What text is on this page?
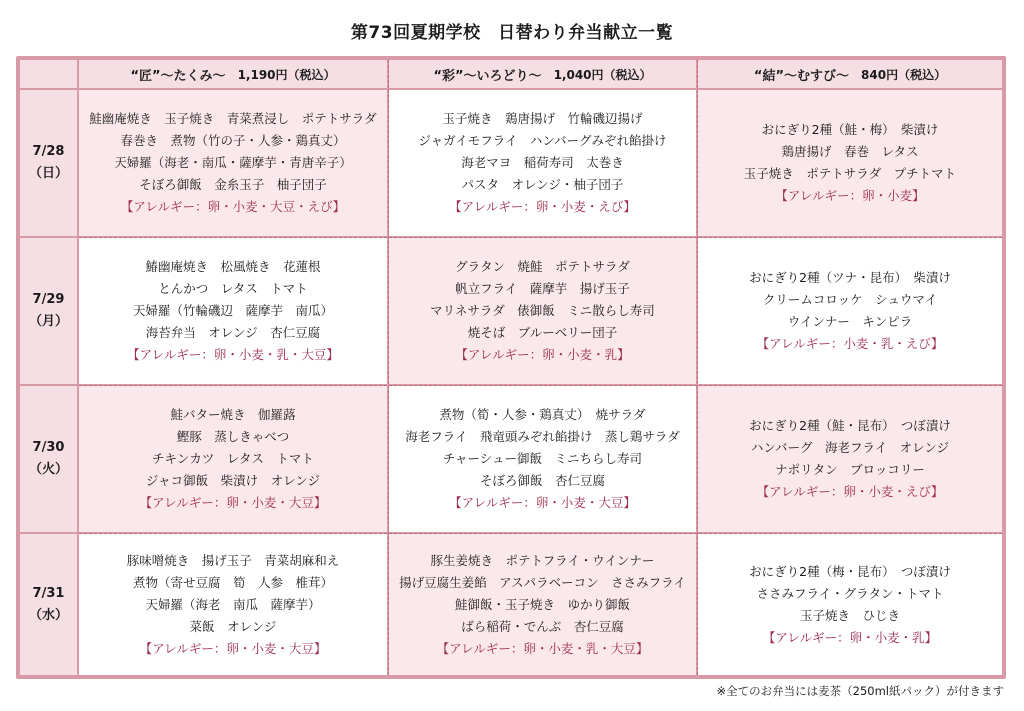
第73回夏期学校　日替わり弁当献立一覧
“匠”〜たくみ〜 1,190円（税込）	“彩”〜いろどり〜 1,040円（税込）	“結”〜むすび〜 840円（税込）
7/28
（日）
鮭幽庵焼き　玉子焼き　青菜煮浸し　ポテトサラダ
春巻き　煮物（竹の子・人参・鶏真丈）
天婦羅（海老・南瓜・薩摩芋・青唐辛子）
そぼろ御飯　金糸玉子　柚子団子
【アレルギー：卵・小麦・大豆・えび】
玉子焼き　鶏唐揚げ　竹輪磯辺揚げ
ジャガイモフライ　ハンバーグみぞれ餡掛け
海老マヨ　稲荷寿司　太巻き
パスタ　オレンジ・柚子団子
【アレルギー：卵・小麦・えび】
おにぎり2種（鮭・梅）　柴漬け
鶏唐揚げ　春巻　レタス
玉子焼き　ポテトサラダ　プチトマト
【アレルギー：卵・小麦】
7/29
（月）
鰆幽庵焼き　松風焼き　花蓮根
とんかつ　レタス　トマト
天婦羅（竹輪磯辺　薩摩芋　南瓜）
海苔弁当　オレンジ　杏仁豆腐
【アレルギー：卵・小麦・乳・大豆】
グラタン　焼鮭　ポテトサラダ
帆立フライ　薩摩芋　揚げ玉子
マリネサラダ　俵御飯　ミニ散らし寿司
焼そば　ブルーベリー団子
【アレルギー：卵・小麦・乳】
おにぎり2種（ツナ・昆布）　柴漬け
クリームコロッケ　シュウマイ
ウインナー　キンピラ
【アレルギー：小麦・乳・えび】
7/30
（火）
鮭バター焼き　伽羅蕗
鰹豚　蒸しきゃべつ
チキンカツ　レタス　トマト
ジャコ御飯　柴漬け　オレンジ
【アレルギー：卵・小麦・大豆】
煮物（筍・人参・鶏真丈）　焼サラダ
海老フライ　飛竜頭みぞれ餡掛け　蒸し鶏サラダ
チャーシュー御飯　ミニちらし寿司
そぼろ御飯　杏仁豆腐
【アレルギー：卵・小麦・大豆】
おにぎり2種（鮭・昆布）　つぼ漬け
ハンバーグ　海老フライ　オレンジ
ナポリタン　ブロッコリー
【アレルギー：卵・小麦・えび】
7/31
（水）
豚味噌焼き　揚げ玉子　青菜胡麻和え
煮物（寄せ豆腐　筍　人参　椎茸）
天婦羅（海老　南瓜　薩摩芋）
菜飯　オレンジ
【アレルギー：卵・小麦・大豆】
豚生姜焼き　ポテトフライ・ウインナー
揚げ豆腐生姜餡　アスパラベーコン　ささみフライ
鮭御飯・玉子焼き　ゆかり御飯
ばら稲荷・でんぶ　杏仁豆腐
【アレルギー：卵・小麦・乳・大豆】
おにぎり2種（梅・昆布）　つぼ漬け
ささみフライ・グラタン・トマト
玉子焼き　ひじき
【アレルギー：卵・小麦・乳】
※全てのお弁当には麦茶（250ml紙パック）が付きます
